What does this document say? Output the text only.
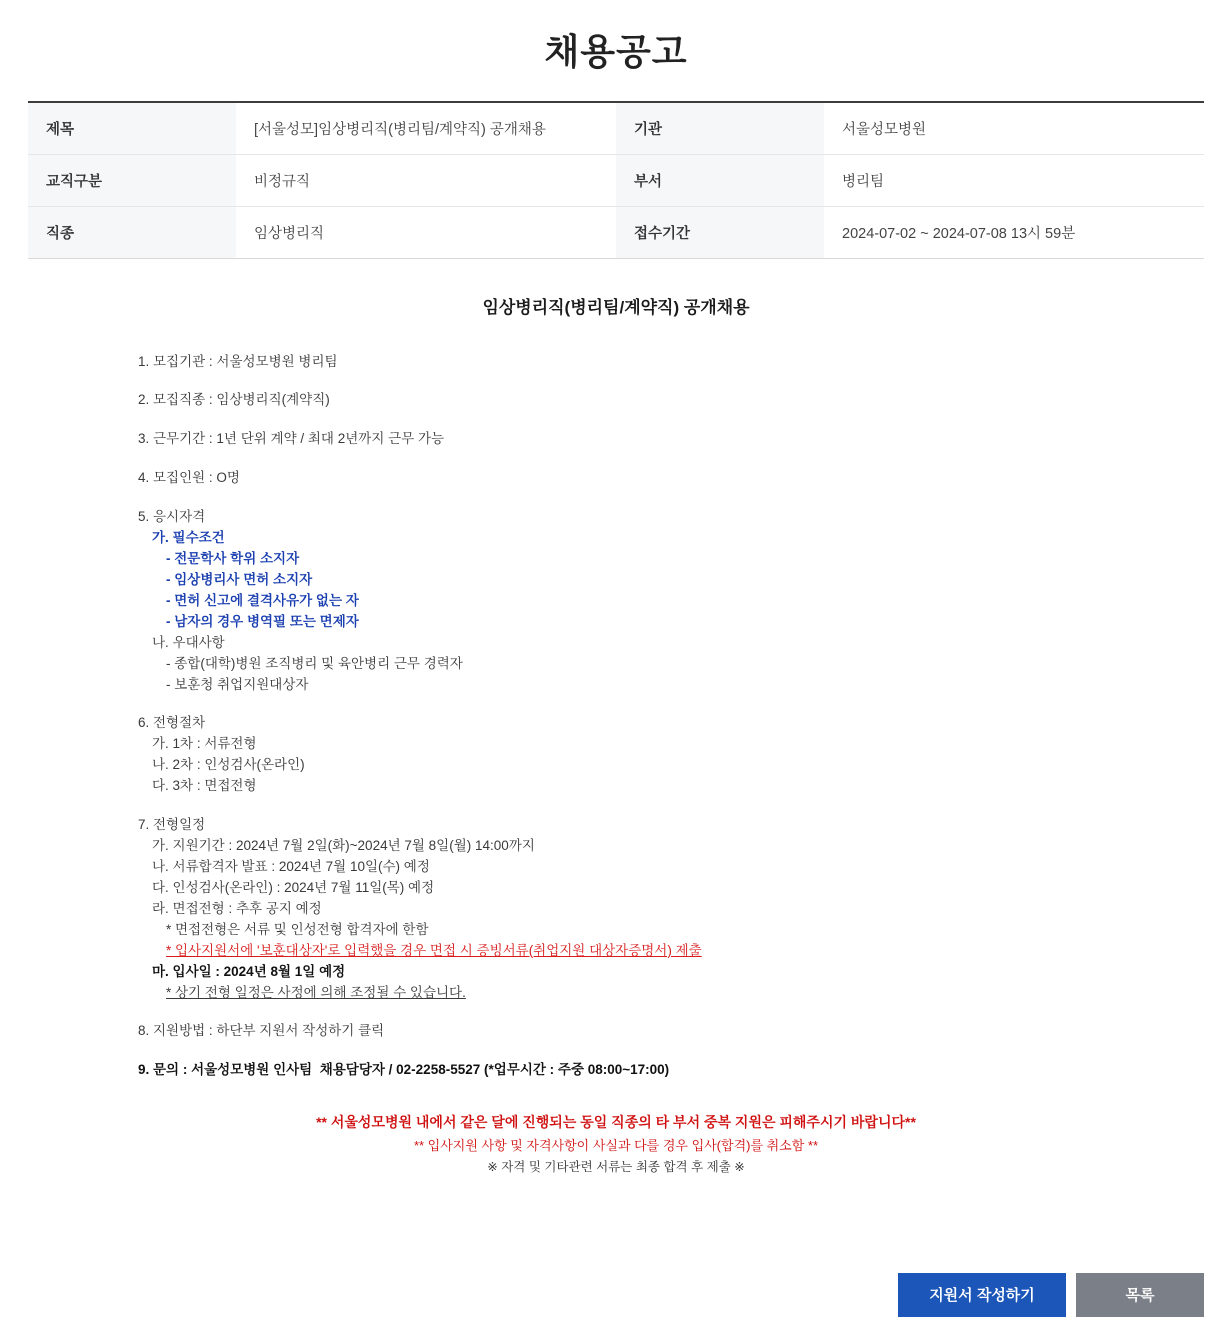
채용공고
제목	[서울성모]임상병리직(병리팀/계약직) 공개채용	기관	서울성모병원
교직구분	비정규직	부서	병리팀
직종	임상병리직	접수기간	2024-07-02 ~ 2024-07-08 13시 59분
임상병리직(병리팀/계약직) 공개채용
1. 모집기관 : 서울성모병원 병리팀
2. 모집직종 : 임상병리직(계약직)
3. 근무기간 : 1년 단위 계약 / 최대 2년까지 근무 가능
4. 모집인원 : O명
5. 응시자격
가. 필수조건
- 전문학사 학위 소지자
- 임상병리사 면허 소지자
- 면허 신고에 결격사유가 없는 자
- 남자의 경우 병역필 또는 면제자
나. 우대사항
- 종합(대학)병원 조직병리 및 육안병리 근무 경력자
- 보훈청 취업지원대상자
6. 전형절차
가. 1차 : 서류전형
나. 2차 : 인성검사(온라인)
다. 3차 : 면접전형
7. 전형일정
가. 지원기간 : 2024년 7월 2일(화)~2024년 7월 8일(월) 14:00까지
나. 서류합격자 발표 : 2024년 7월 10일(수) 예정
다. 인성검사(온라인) : 2024년 7월 11일(목) 예정
라. 면접전형 : 추후 공지 예정
* 면접전형은 서류 및 인성전형 합격자에 한함
* 입사지원서에 '보훈대상자'로 입력했을 경우 면접 시 증빙서류(취업지원 대상자증명서) 제출
마. 입사일 : 2024년 8월 1일 예정
* 상기 전형 일정은 사정에 의해 조정될 수 있습니다.
8. 지원방법 : 하단부 지원서 작성하기 클릭
9. 문의 : 서울성모병원 인사팀  채용담당자 / 02-2258-5527 (*업무시간 : 주중 08:00~17:00)
** 서울성모병원 내에서 같은 달에 진행되는 동일 직종의 타 부서 중복 지원은 피해주시기 바랍니다**
** 입사지원 사항 및 자격사항이 사실과 다를 경우 입사(합격)를 취소함 **
※ 자격 및 기타관련 서류는 최종 합격 후 제출 ※
지원서 작성하기	목록
